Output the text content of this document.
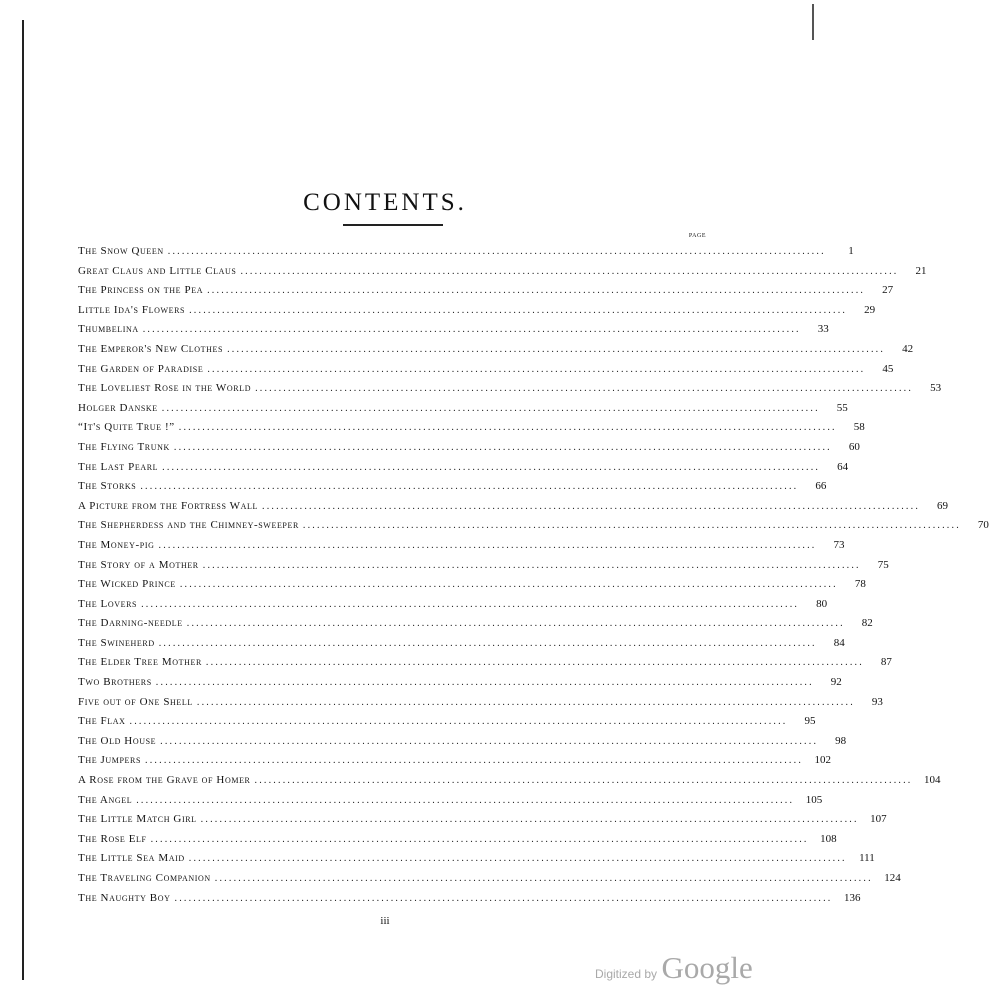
CONTENTS.
PAGE
The Snow Queen ............................................................................................................................................	1
Great Claus and Little Claus ............................................................................................................................................	21
The Princess on the Pea ............................................................................................................................................	27
Little Ida's Flowers ............................................................................................................................................	29
Thumbelina ............................................................................................................................................	33
The Emperor's New Clothes ............................................................................................................................................	42
The Garden of Paradise ............................................................................................................................................	45
The Loveliest Rose in the World ............................................................................................................................................	53
Holger Danske ............................................................................................................................................	55
“It's Quite True !” ............................................................................................................................................	58
The Flying Trunk ............................................................................................................................................	60
The Last Pearl ............................................................................................................................................	64
The Storks ............................................................................................................................................	66
A Picture from the Fortress Wall ............................................................................................................................................	69
The Shepherdess and the Chimney-sweeper ............................................................................................................................................	70
The Money-pig ............................................................................................................................................	73
The Story of a Mother ............................................................................................................................................	75
The Wicked Prince ............................................................................................................................................	78
The Lovers ............................................................................................................................................	80
The Darning-needle ............................................................................................................................................	82
The Swineherd ............................................................................................................................................	84
The Elder Tree Mother ............................................................................................................................................	87
Two Brothers ............................................................................................................................................	92
Five out of One Shell ............................................................................................................................................	93
The Flax ............................................................................................................................................	95
The Old House ............................................................................................................................................	98
The Jumpers ............................................................................................................................................	102
A Rose from the Grave of Homer ............................................................................................................................................	104
The Angel ............................................................................................................................................	105
The Little Match Girl ............................................................................................................................................	107
The Rose Elf ............................................................................................................................................	108
The Little Sea Maid ............................................................................................................................................	111
The Traveling Companion ............................................................................................................................................	124
The Naughty Boy ............................................................................................................................................	136
iii
Digitized by Google
